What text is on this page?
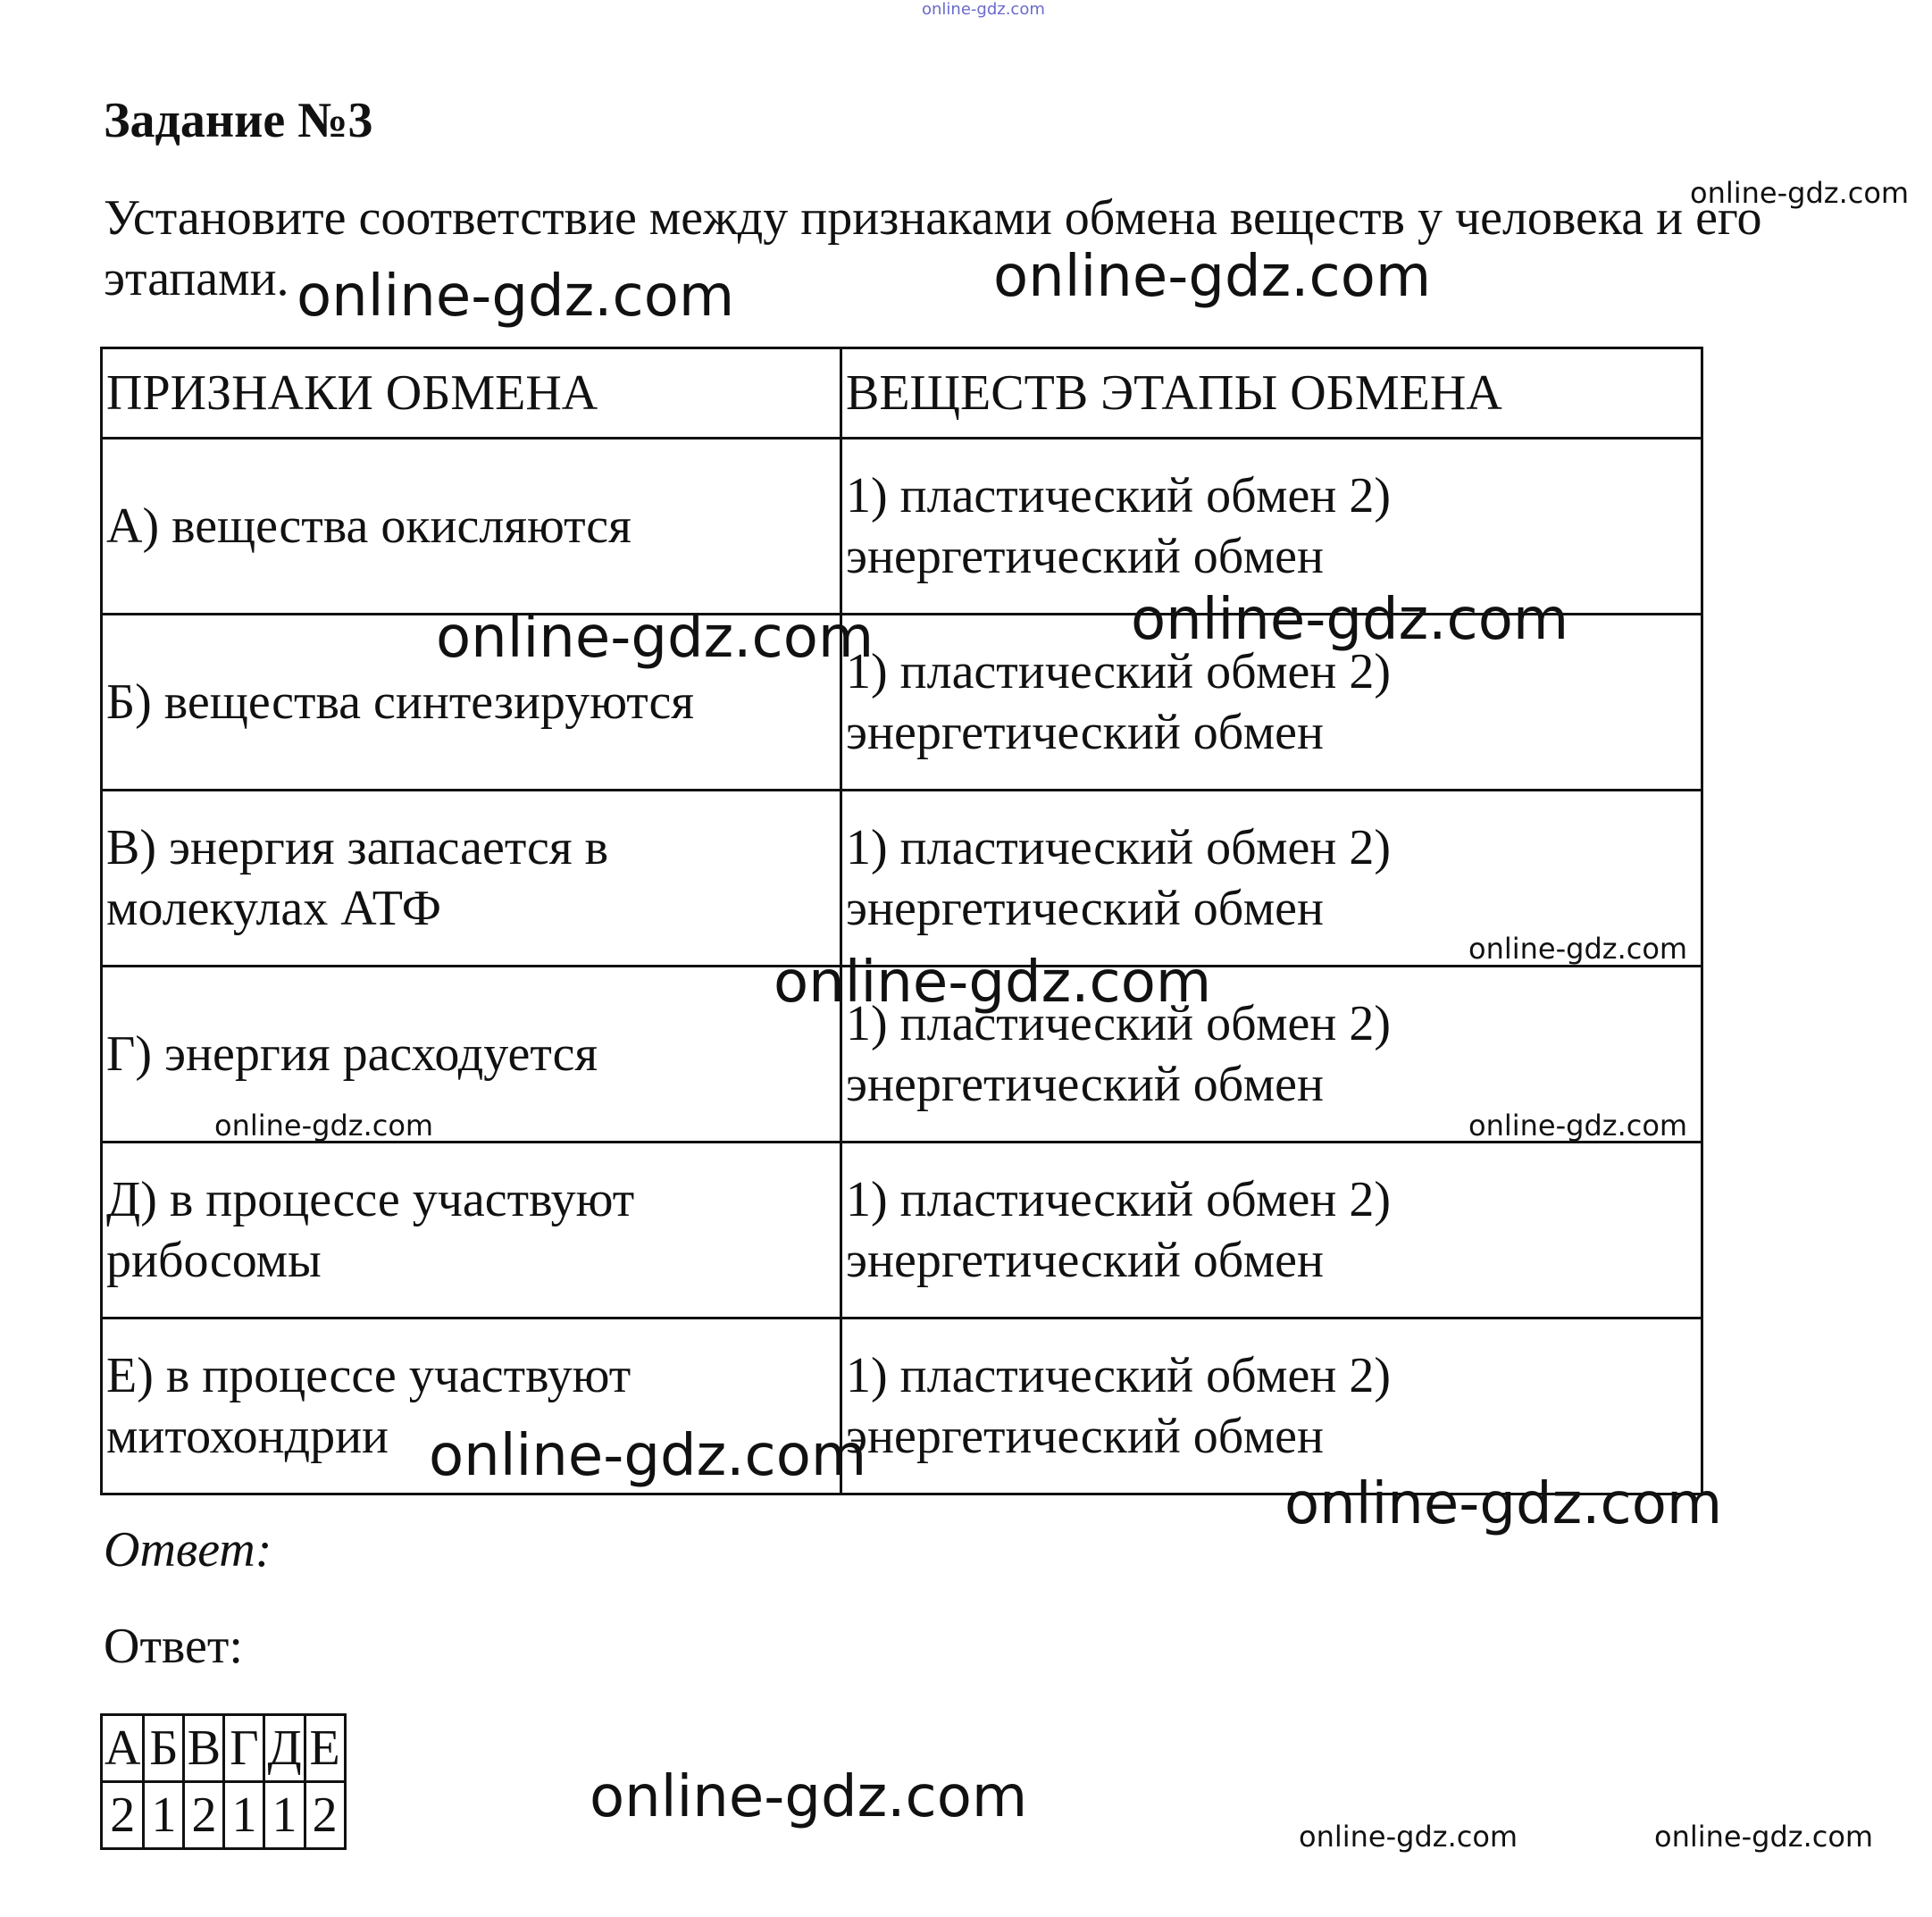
online-gdz.com
Задание №3
Установите соответствие между признаками обмена веществ у человека и его этапами.
ПРИЗНАКИ ОБМЕНА	ВЕЩЕСТВ ЭТАПЫ ОБМЕНА
А) вещества окисляются	1) пластический обмен 2) энергетический обмен
Б) вещества синтезируются	1) пластический обмен 2) энергетический обмен
В) энергия запасается в молекулах АТФ	1) пластический обмен 2) энергетический обмен
Г) энергия расходуется	1) пластический обмен 2) энергетический обмен
Д) в процессе участвуют рибосомы	1) пластический обмен 2) энергетический обмен
Е) в процессе участвуют митохондрии	1) пластический обмен 2) энергетический обмен
Ответ:
Ответ:
А	Б	В	Г	Д	Е
2	1	2	1	1	2
online-gdz.com
online-gdz.com	online-gdz.com
online-gdz.com	online-gdz.com
online-gdz.com
online-gdz.com
online-gdz.com	online-gdz.com
online-gdz.com
online-gdz.com
online-gdz.com
online-gdz.com	online-gdz.com
